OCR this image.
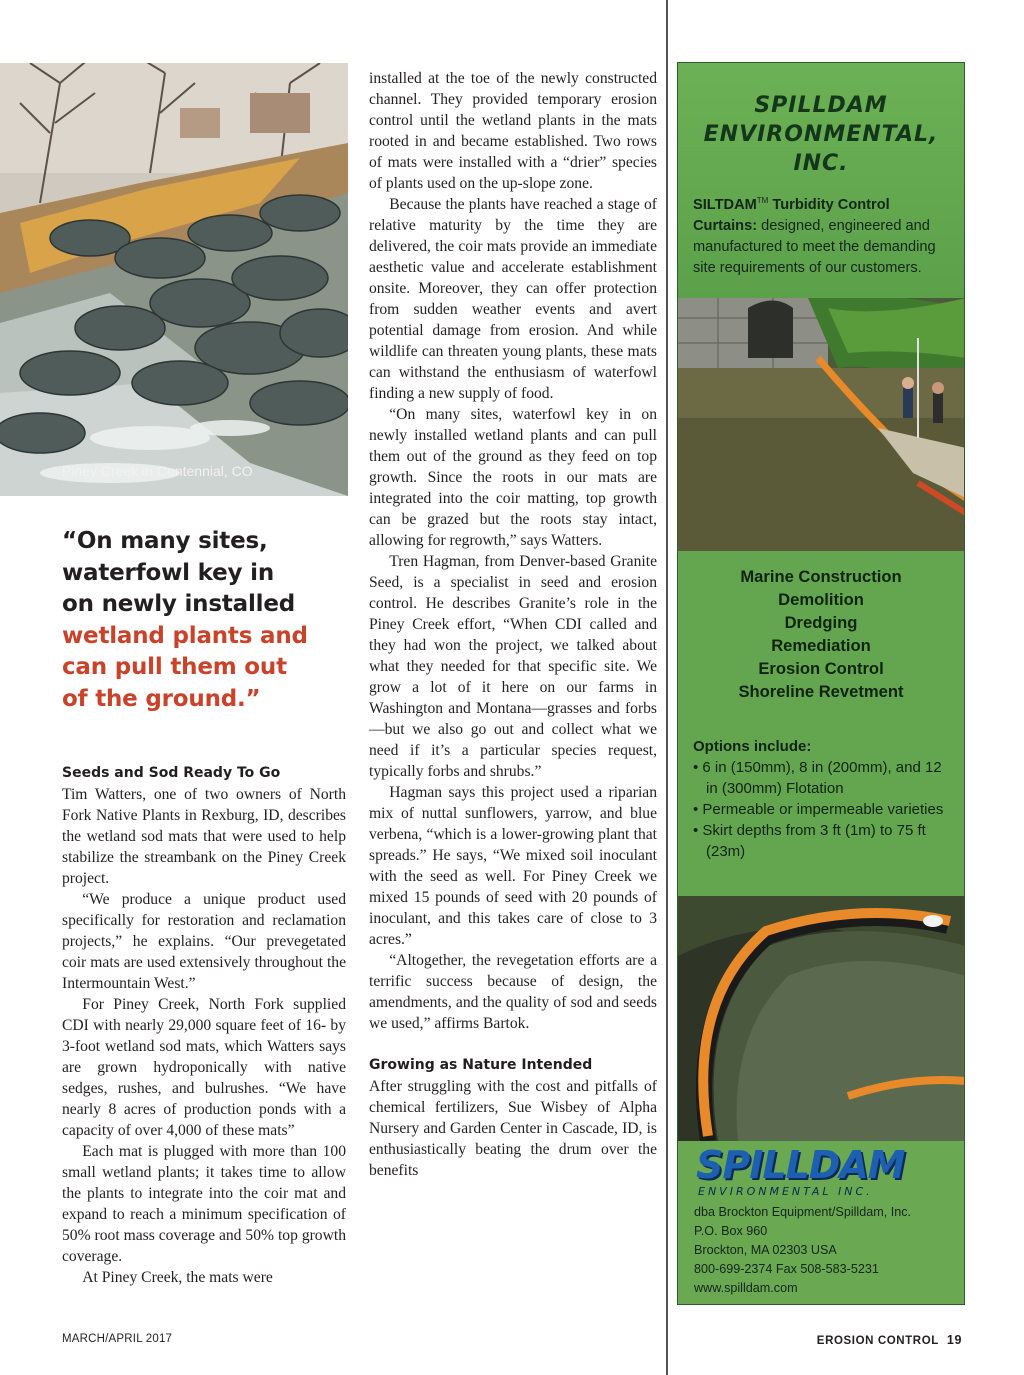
Piney Creek in Centennial, CO
“On many sites,
waterfowl key in
on newly installed
wetland plants and
can pull them out
of the ground.”
Seeds and Sod Ready To Go

Tim Watters, one of two owners of North Fork Native Plants in Rexburg, ID, describes the wetland sod mats that were used to help stabilize the streambank on the Piney Creek project.

“We produce a unique product used specifically for restoration and reclamation projects,” he explains. “Our prevegetated coir mats are used extensively throughout the Intermountain West.”

For Piney Creek, North Fork supplied CDI with nearly 29,000 square feet of 16- by 3-foot wetland sod mats, which Watters says are grown hydroponically with native sedges, rushes, and bulrushes. “We have nearly 8 acres of production ponds with a capacity of over 4,000 of these mats”

Each mat is plugged with more than 100 small wetland plants; it takes time to allow the plants to integrate into the coir mat and expand to reach a minimum specification of 50% root mass coverage and 50% top growth coverage.

At Piney Creek, the mats were

installed at the toe of the newly constructed channel. They provided temporary erosion control until the wetland plants in the mats rooted in and became established. Two rows of mats were installed with a “drier” species of plants used on the up-slope zone.

Because the plants have reached a stage of relative maturity by the time they are delivered, the coir mats provide an immediate aesthetic value and accelerate establishment onsite. Moreover, they can offer protection from sudden weather events and avert potential damage from erosion. And while wildlife can threaten young plants, these mats can withstand the enthusiasm of waterfowl finding a new supply of food.

“On many sites, waterfowl key in on newly installed wetland plants and can pull them out of the ground as they feed on top growth. Since the roots in our mats are integrated into the coir matting, top growth can be grazed but the roots stay intact, allowing for regrowth,” says Watters.

Tren Hagman, from Denver-based Granite Seed, is a specialist in seed and erosion control. He describes Granite’s role in the Piney Creek effort, “When CDI called and they had won the project, we talked about what they needed for that specific site. We grow a lot of it here on our farms in Washington and Montana—grasses and forbs—but we also go out and collect what we need if it’s a particular species request, typically forbs and shrubs.”

Hagman says this project used a riparian mix of nuttal sunflowers, yarrow, and blue verbena, “which is a lower-growing plant that spreads.” He says, “We mixed soil inoculant with the seed as well. For Piney Creek we mixed 15 pounds of seed with 20 pounds of inoculant, and this takes care of close to 3 acres.”

“Altogether, the revegetation efforts are a terrific success because of design, the amendments, and the quality of sod and seeds we used,” affirms Bartok.

Growing as Nature Intended

After struggling with the cost and pitfalls of chemical fertilizers, Sue Wisbey of Alpha Nursery and Garden Center in Cascade, ID, is enthusiastically beating the drum over the benefits

SPILLDAM
ENVIRONMENTAL,
INC.
SILTDAM™ Turbidity Control Curtains: designed, engineered and manufactured to meet the demanding site requirements of our customers.
Marine Construction
Demolition
Dredging
Remediation
Erosion Control
Shoreline Revetment
Options include:
• 6 in (150mm), 8 in (200mm), and 12 in (300mm) Flotation
• Permeable or impermeable varieties
• Skirt depths from 3 ft (1m) to 75 ft (23m)
SPILLDAM
ENVIRONMENTAL INC.
dba Brockton Equipment/Spilldam, Inc.
P.O. Box 960
Brockton, MA 02303 USA
800-699-2374 Fax 508-583-5231
www.spilldam.com
MARCH/APRIL 2017	EROSION CONTROL 19
